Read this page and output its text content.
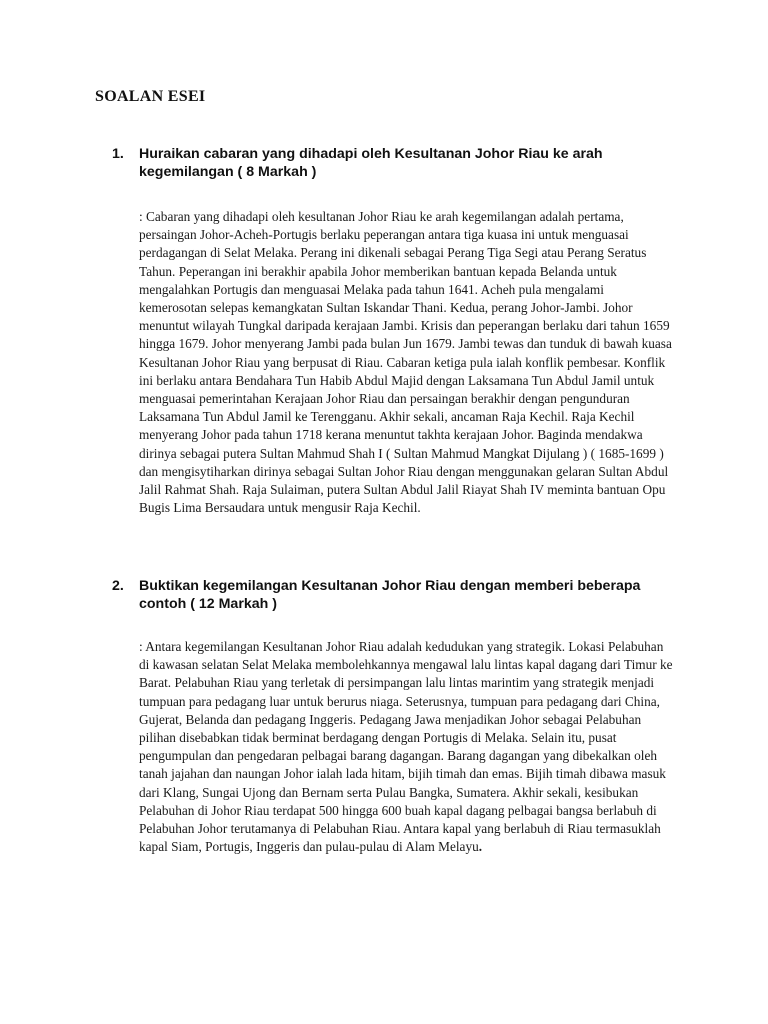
SOALAN ESEI
1.	Huraikan cabaran yang dihadapi oleh Kesultanan Johor Riau ke arah kegemilangan ( 8 Markah )

: Cabaran yang dihadapi oleh kesultanan Johor Riau ke arah kegemilangan adalah pertama, persaingan Johor-Acheh-Portugis berlaku peperangan antara tiga kuasa ini untuk menguasai perdagangan di Selat Melaka. Perang ini dikenali sebagai Perang Tiga Segi atau Perang Seratus Tahun. Peperangan ini berakhir apabila Johor memberikan bantuan kepada Belanda untuk mengalahkan Portugis dan menguasai Melaka pada tahun 1641. Acheh pula mengalami kemerosotan selepas kemangkatan Sultan Iskandar Thani. Kedua, perang Johor-Jambi. Johor menuntut wilayah Tungkal daripada kerajaan Jambi. Krisis dan peperangan berlaku dari tahun 1659 hingga 1679. Johor menyerang Jambi pada bulan Jun 1679. Jambi tewas dan tunduk di bawah kuasa Kesultanan Johor Riau yang berpusat di Riau. Cabaran ketiga pula ialah konflik pembesar. Konflik ini berlaku antara Bendahara Tun Habib Abdul Majid dengan Laksamana Tun Abdul Jamil untuk menguasai pemerintahan Kerajaan Johor Riau dan persaingan berakhir dengan pengunduran Laksamana Tun Abdul Jamil ke Terengganu. Akhir sekali, ancaman Raja Kechil. Raja Kechil menyerang Johor pada tahun 1718 kerana menuntut takhta kerajaan Johor. Baginda mendakwa dirinya sebagai putera Sultan Mahmud Shah I ( Sultan Mahmud Mangkat Dijulang ) ( 1685-1699 ) dan mengisytiharkan dirinya sebagai Sultan Johor Riau dengan menggunakan gelaran Sultan Abdul Jalil Rahmat Shah. Raja Sulaiman, putera Sultan Abdul Jalil Riayat Shah IV meminta bantuan Opu Bugis Lima Bersaudara untuk mengusir Raja Kechil.

2.	Buktikan kegemilangan Kesultanan Johor Riau dengan memberi beberapa contoh ( 12 Markah )

: Antara kegemilangan Kesultanan Johor Riau adalah kedudukan yang strategik. Lokasi Pelabuhan di kawasan selatan Selat Melaka membolehkannya mengawal lalu lintas kapal dagang dari Timur ke Barat. Pelabuhan Riau yang terletak di persimpangan lalu lintas marintim yang strategik menjadi tumpuan para pedagang luar untuk berurus niaga. Seterusnya, tumpuan para pedagang dari China, Gujerat, Belanda dan pedagang Inggeris. Pedagang Jawa menjadikan Johor sebagai Pelabuhan pilihan disebabkan tidak berminat berdagang dengan Portugis di Melaka. Selain itu, pusat pengumpulan dan pengedaran pelbagai barang dagangan. Barang dagangan yang dibekalkan oleh tanah jajahan dan naungan Johor ialah lada hitam, bijih timah dan emas. Bijih timah dibawa masuk dari Klang, Sungai Ujong dan Bernam serta Pulau Bangka, Sumatera. Akhir sekali, kesibukan Pelabuhan di Johor Riau terdapat 500 hingga 600 buah kapal dagang pelbagai bangsa berlabuh di Pelabuhan Johor terutamanya di Pelabuhan Riau. Antara kapal yang berlabuh di Riau termasuklah kapal Siam, Portugis, Inggeris dan pulau-pulau di Alam Melayu.
